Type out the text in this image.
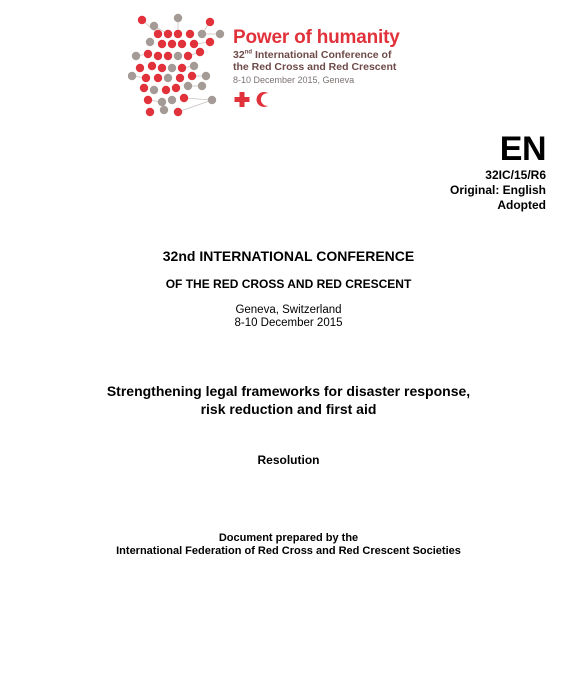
Power of humanity
32nd International Conference of
the Red Cross and Red Crescent
8-10 December 2015, Geneva
EN
32IC/15/R6
Original: English
Adopted
32nd INTERNATIONAL CONFERENCE
OF THE RED CROSS AND RED CRESCENT
Geneva, Switzerland
8-10 December 2015
Strengthening legal frameworks for disaster response,
risk reduction and first aid
Resolution
Document prepared by the
International Federation of Red Cross and Red Crescent Societies
